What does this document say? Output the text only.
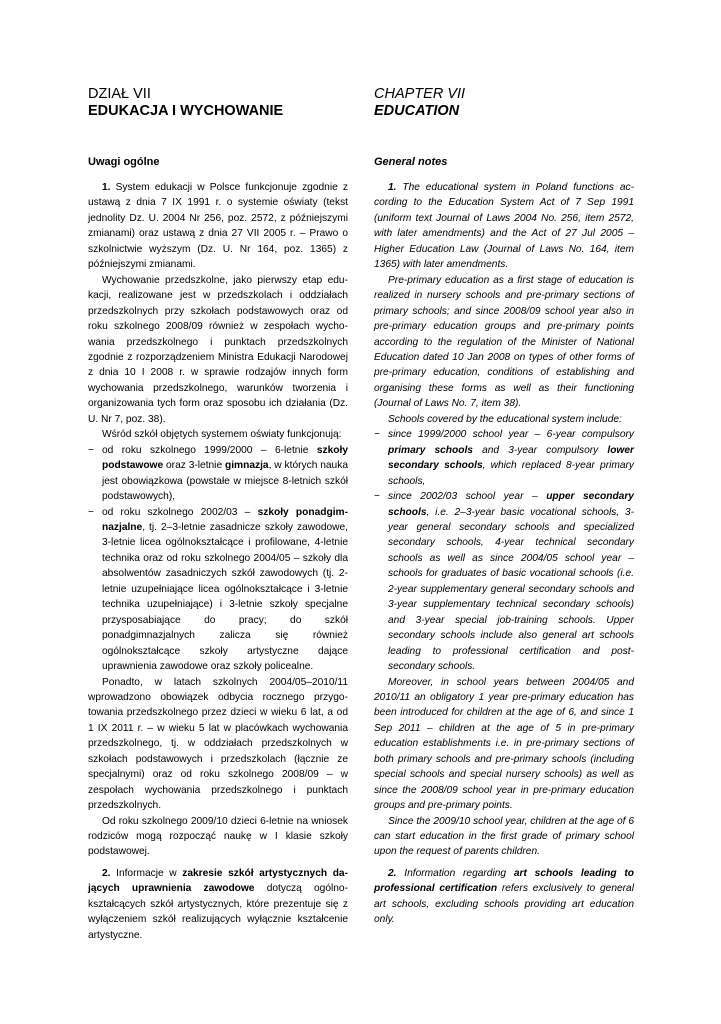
DZIAŁ VII
EDUKACJA I WYCHOWANIE
Uwagi ogólne

1. System edukacji w Polsce funkcjonuje zgodnie z ustawą z dnia 7 IX 1991 r. o systemie oświaty (tekst jednolity Dz. U. 2004 Nr 256, poz. 2572, z późniejszymi zmianami) oraz ustawą z dnia 27 VII 2005 r. – Prawo o szkolnictwie wyższym (Dz. U. Nr 164, poz. 1365) z późniejszymi zmianami.

Wychowanie przedszkolne, jako pierwszy etap edukacji, realizowane jest w przedszkolach i oddziałach przedszkolnych przy szkołach podstawowych oraz od roku szkolnego 2008/09 również w zespołach wychowania przedszkolnego i punktach przedszkolnych zgodnie z rozporządzeniem Ministra Edukacji Narodowej z dnia 10 I 2008 r. w sprawie rodzajów innych form wychowania przedszkolnego, warunków tworzenia i organizowania tych form oraz sposobu ich działania (Dz. U. Nr 7, poz. 38).

Wśród szkół objętych systemem oświaty funkcjonują:

− od roku szkolnego 1999/2000 – 6-letnie szkoły podstawowe oraz 3-letnie gimnazja, w których nauka jest obowiązkowa (powstałe w miejsce 8-letnich szkół podstawowych),
− od roku szkolnego 2002/03 – szkoły ponadgimnazjalne, tj. 2–3-letnie zasadnicze szkoły zawodowe, 3-letnie licea ogólnokształcące i profilowane, 4-letnie technika oraz od roku szkolnego 2004/05 – szkoły dla absolwentów zasadniczych szkół zawodowych (tj. 2-letnie uzupełniające licea ogólnokształcące i 3-letnie technika uzupełniające) i 3-letnie szkoły specjalne przysposabiające do pracy; do szkół ponadgimnazjalnych zalicza się również ogólnokształcące szkoły artystyczne dające uprawnienia zawodowe oraz szkoły policealne.

Ponadto, w latach szkolnych 2004/05–2010/11 wprowadzono obowiązek odbycia rocznego przygotowania przedszkolnego przez dzieci w wieku 6 lat, a od 1 IX 2011 r. – w wieku 5 lat w placówkach wychowania przedszkolnego, tj. w oddziałach przedszkolnych w szkołach podstawowych i przedszkolach (łącznie ze specjalnymi) oraz od roku szkolnego 2008/09 – w zespołach wychowania przedszkolnego i punktach przedszkolnych.

Od roku szkolnego 2009/10 dzieci 6-letnie na wniosek rodziców mogą rozpocząć naukę w I klasie szkoły podstawowej.

2. Informacje w zakresie szkół artystycznych dających uprawnienia zawodowe dotyczą ogólnokształcących szkół artystycznych, które prezentuje się z wyłączeniem szkół realizujących wyłącznie kształcenie artystyczne.

CHAPTER VII
EDUCATION
General notes

1. The educational system in Poland functions according to the Education System Act of 7 Sep 1991 (uniform text Journal of Laws 2004 No. 256, item 2572, with later amendments) and the Act of 27 Jul 2005 – Higher Education Law (Journal of Laws No. 164, item 1365) with later amendments.

Pre-primary education as a first stage of education is realized in nursery schools and pre-primary sections of primary schools; and since 2008/09 school year also in pre-primary education groups and pre-primary points according to the regulation of the Minister of National Education dated 10 Jan 2008 on types of other forms of pre-primary education, conditions of establishing and organising these forms as well as their functioning (Journal of Laws No. 7, item 38).

Schools covered by the educational system include:

− since 1999/2000 school year – 6-year compulsory primary schools and 3-year compulsory lower secondary schools, which replaced 8-year primary schools,
− since 2002/03 school year – upper secondary schools, i.e. 2–3-year basic vocational schools, 3-year general secondary schools and specialized secondary schools, 4-year technical secondary schools as well as since 2004/05 school year – schools for graduates of basic vocational schools (i.e. 2-year supplementary general secondary schools and 3-year supplementary technical secondary schools) and 3-year special job-training schools. Upper secondary schools include also general art schools leading to professional certification and post-secondary schools.

Moreover, in school years between 2004/05 and 2010/11 an obligatory 1 year pre-primary education has been introduced for children at the age of 6, and since 1 Sep 2011 – children at the age of 5 in pre-primary education establishments i.e. in pre-primary sections of both primary schools and pre-primary schools (including special schools and special nursery schools) as well as since the 2008/09 school year in pre-primary education groups and pre-primary points.

Since the 2009/10 school year, children at the age of 6 can start education in the first grade of primary school upon the request of parents children.

2. Information regarding art schools leading to professional certification refers exclusively to general art schools, excluding schools providing art education only.
